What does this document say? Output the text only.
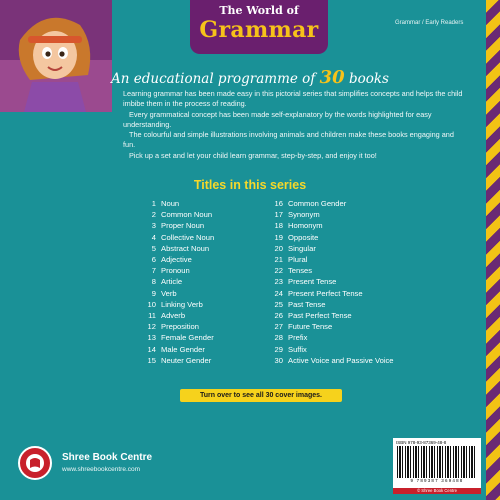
The World of
Grammar	Grammar / Early Readers
An educational programme of 30 books

Learning grammar has been made easy in this pictorial series that simplifies concepts and helps the child imbibe them in the process of reading.

Every grammatical concept has been made self-explanatory by the words highlighted for easy understanding.

The colourful and simple illustrations involving animals and children make these books engaging and fun.

Pick up a set and let your child learn grammar, step-by-step, and enjoy it too!

Titles in this series
1 Noun
2 Common Noun
3 Proper Noun
4 Collective Noun
5 Abstract Noun
6 Adjective
7 Pronoun
8 Article
9 Verb
10 Linking Verb
11 Adverb
12 Preposition
13 Female Gender
14 Male Gender
15 Neuter Gender
16 Common Gender
17 Synonym
18 Homonym
19 Opposite
20 Singular
21 Plural
22 Tenses
23 Present Tense
24 Present Perfect Tense
25 Past Tense
26 Past Perfect Tense
27 Future Tense
28 Prefix
29 Suffix
30 Active Voice and Passive Voice
Turn over to see all 30 cover images.
Shree Book Centre
www.shreebookcentre.com
ISBN 978-93-87369-48-8
9 789387 369488
© Shree Book Centre
